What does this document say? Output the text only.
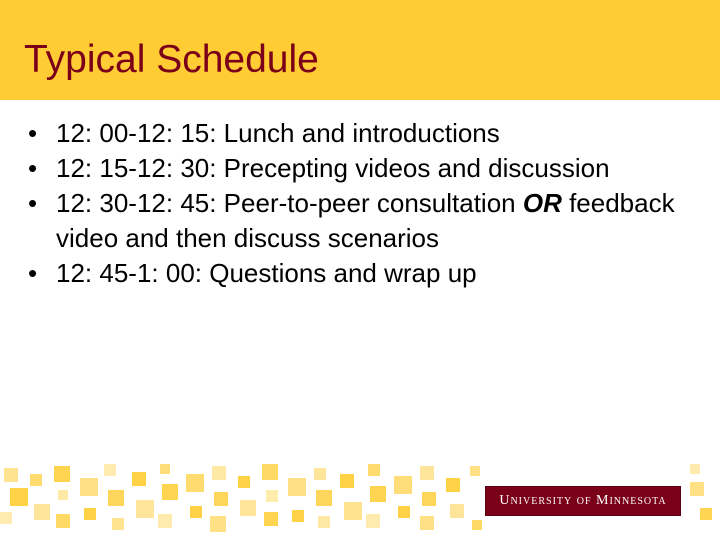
Typical Schedule
• 12: 00-12: 15: Lunch and introductions
• 12: 15-12: 30: Precepting videos and discussion
• 12: 30-12: 45: Peer-to-peer consultation OR feedback video and then discuss scenarios
• 12: 45-1: 00: Questions and wrap up
University of Minnesota
